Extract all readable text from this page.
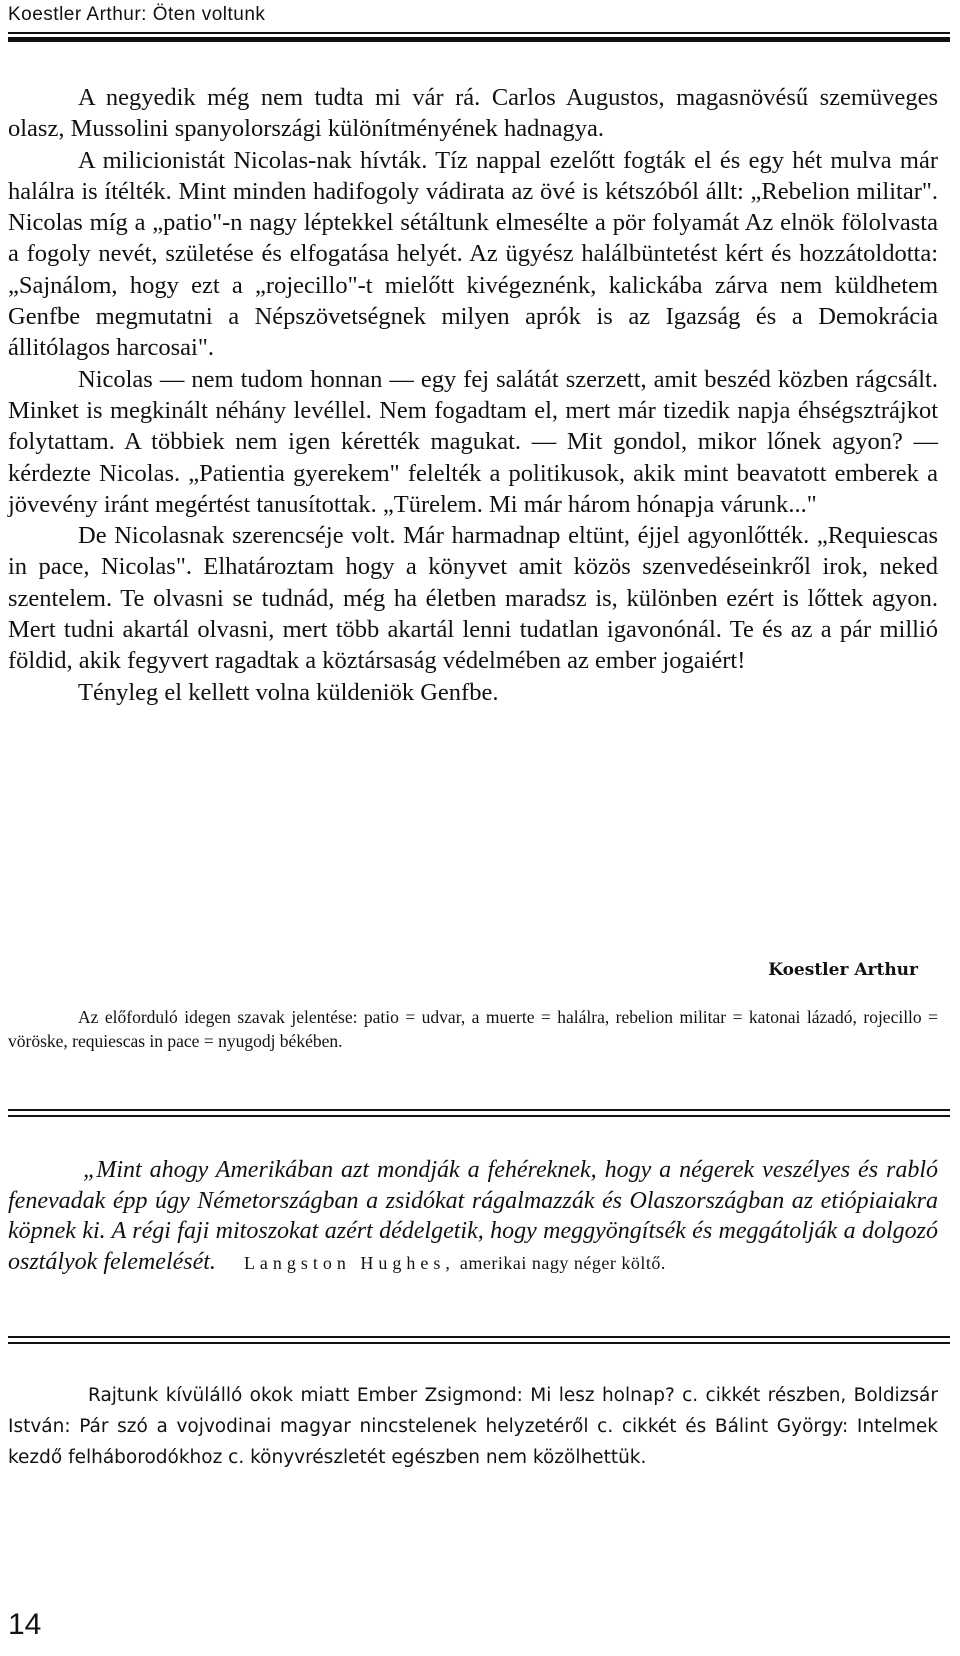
Koestler Arthur: Öten voltunk

A negyedik még nem tudta mi vár rá. Carlos Augustos, magasnövésű szemüveges olasz, Mussolini spanyolországi különítményének hadnagya.

A milicionistát Nicolas-nak hívták. Tíz nappal ezelőtt fogták el és egy hét mulva már halálra is ítélték. Mint minden hadifogoly vádirata az övé is kétszóból állt: „Rebelion militar". Nicolas míg a „patio"-n nagy léptekkel sétáltunk elmesélte a pör folyamát Az elnök fölolvasta a fogoly nevét, születése és elfogatása helyét. Az ügyész halálbüntetést kért és hozzátoldotta: „Sajnálom, hogy ezt a „rojecillo"-t mielőtt kivégeznénk, kalickába zárva nem küldhetem Genfbe megmutatni a Népszövetségnek milyen aprók is az Igazság és a Demokrácia állitólagos harcosai".

Nicolas — nem tudom honnan — egy fej salátát szerzett, amit beszéd közben rágcsált. Minket is megkinált néhány levéllel. Nem fogadtam el, mert már tizedik napja éhségsztrájkot folytattam. A többiek nem igen kérették magukat. — Mit gondol, mikor lőnek agyon? — kérdezte Nicolas. „Patientia gyerekem" felelték a politikusok, akik mint beavatott emberek a jövevény iránt megértést tanusítottak. „Türelem. Mi már három hónapja várunk..."

De Nicolasnak szerencséje volt. Már harmadnap eltünt, éjjel agyonlőtték. „Requiescas in pace, Nicolas". Elhatároztam hogy a könyvet amit közös szenvedéseinkről irok, neked szentelem. Te olvasni se tudnád, még ha életben maradsz is, különben ezért is lőttek agyon. Mert tudni akartál olvasni, mert több akartál lenni tudatlan igavonónál. Te és az a pár millió földid, akik fegyvert ragadtak a köztársaság védelmében az ember jogaiért!

Tényleg el kellett volna küldeniök Genfbe.

Koestler Arthur

Az előforduló idegen szavak jelentése: patio = udvar, a muerte = halálra, rebelion militar = katonai lázadó, rojecillo = vöröske, requiescas in pace = nyugodj békében.

„Mint ahogy Amerikában azt mondják a fehéreknek, hogy a négerek veszélyes és rabló fenevadak épp úgy Németországban a zsidókat rágalmazzák és Olaszországban az etiópiaiakra köpnek ki. A régi faji mitoszokat azért dédelgetik, hogy meggyöngítsék és meggátolják a dolgozó osztályok felemelését. Langston Hughes, amerikai nagy néger költő.

Rajtunk kívülálló okok miatt Ember Zsigmond: Mi lesz holnap? c. cikkét részben, Boldizsár István: Pár szó a vojvodinai magyar nincstelenek helyzetéről c. cikkét és Bálint György: Intelmek kezdő felháborodókhoz c. könyvrészletét egészben nem közölhettük.

14
